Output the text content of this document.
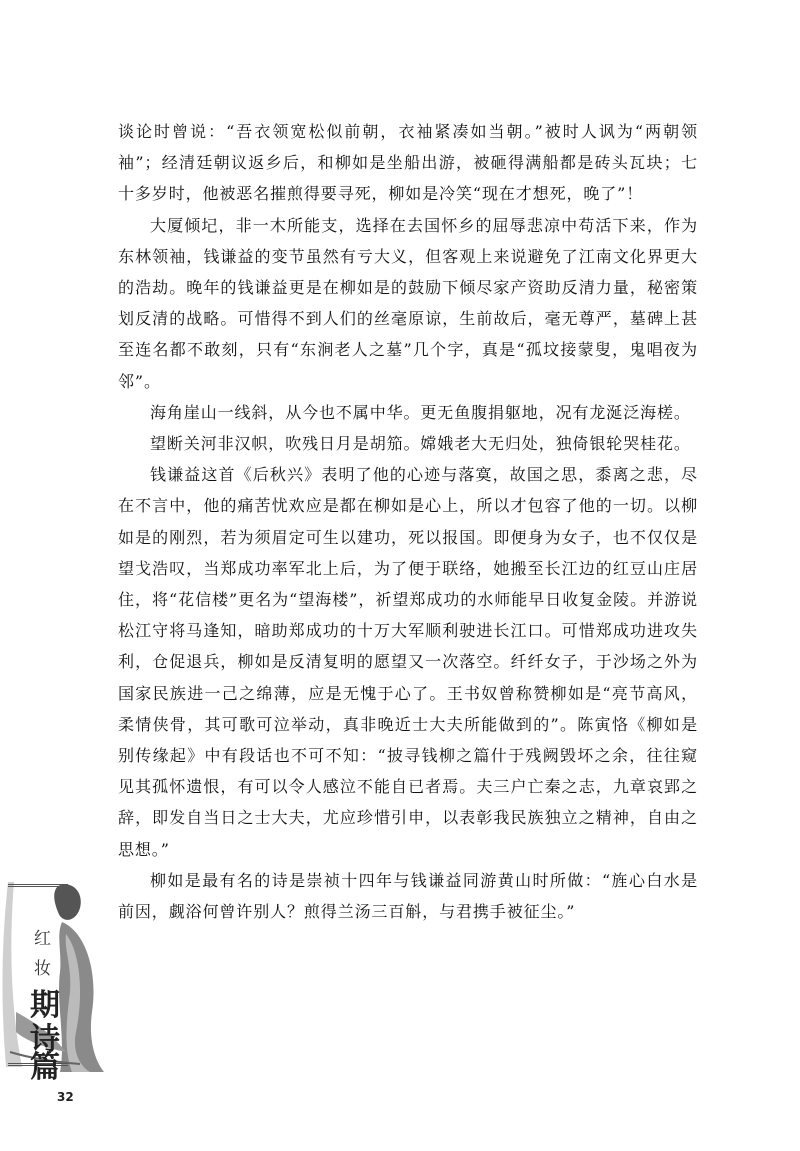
谈论时曾说：“吾衣领宽松似前朝，衣袖紧凑如当朝。”被时人讽为“两朝领袖”；经清廷朝议返乡后，和柳如是坐船出游，被砸得满船都是砖头瓦块；七十多岁时，他被恶名摧煎得要寻死，柳如是冷笑“现在才想死，晚了”！

大厦倾圮，非一木所能支，选择在去国怀乡的屈辱悲凉中苟活下来，作为东林领袖，钱谦益的变节虽然有亏大义，但客观上来说避免了江南文化界更大的浩劫。晚年的钱谦益更是在柳如是的鼓励下倾尽家产资助反清力量，秘密策划反清的战略。可惜得不到人们的丝毫原谅，生前故后，毫无尊严，墓碑上甚至连名都不敢刻，只有“东涧老人之墓”几个字，真是“孤坟接蒙叟，鬼唱夜为邻”。

海角崖山一线斜，从今也不属中华。更无鱼腹捐躯地，况有龙涎泛海槎。

望断关河非汉帜，吹残日月是胡笳。嫦娥老大无归处，独倚银轮哭桂花。

钱谦益这首《后秋兴》表明了他的心迹与落寞，故国之思，黍离之悲，尽在不言中，他的痛苦忧欢应是都在柳如是心上，所以才包容了他的一切。以柳如是的刚烈，若为须眉定可生以建功，死以报国。即便身为女子，也不仅仅是望戈浩叹，当郑成功率军北上后，为了便于联络，她搬至长江边的红豆山庄居住，将“花信楼”更名为“望海楼”，祈望郑成功的水师能早日收复金陵。并游说松江守将马逢知，暗助郑成功的十万大军顺利驶进长江口。可惜郑成功进攻失利，仓促退兵，柳如是反清复明的愿望又一次落空。纤纤女子，于沙场之外为国家民族进一己之绵薄，应是无愧于心了。王书奴曾称赞柳如是“亮节高风，柔情侠骨，其可歌可泣举动，真非晚近士大夫所能做到的”。陈寅恪《柳如是别传缘起》中有段话也不可不知：“披寻钱柳之篇什于残阙毁坏之余，往往窥见其孤怀遗恨，有可以令人感泣不能自已者焉。夫三户亡秦之志，九章哀郢之辞，即发自当日之士大夫，尤应珍惜引申，以表彰我民族独立之精神，自由之思想。”

柳如是最有名的诗是崇祯十四年与钱谦益同游黄山时所做：“旌心白水是前因，觑浴何曾许别人？煎得兰汤三百斛，与君携手被征尘。”

红
妆
期
诗
篇
32
